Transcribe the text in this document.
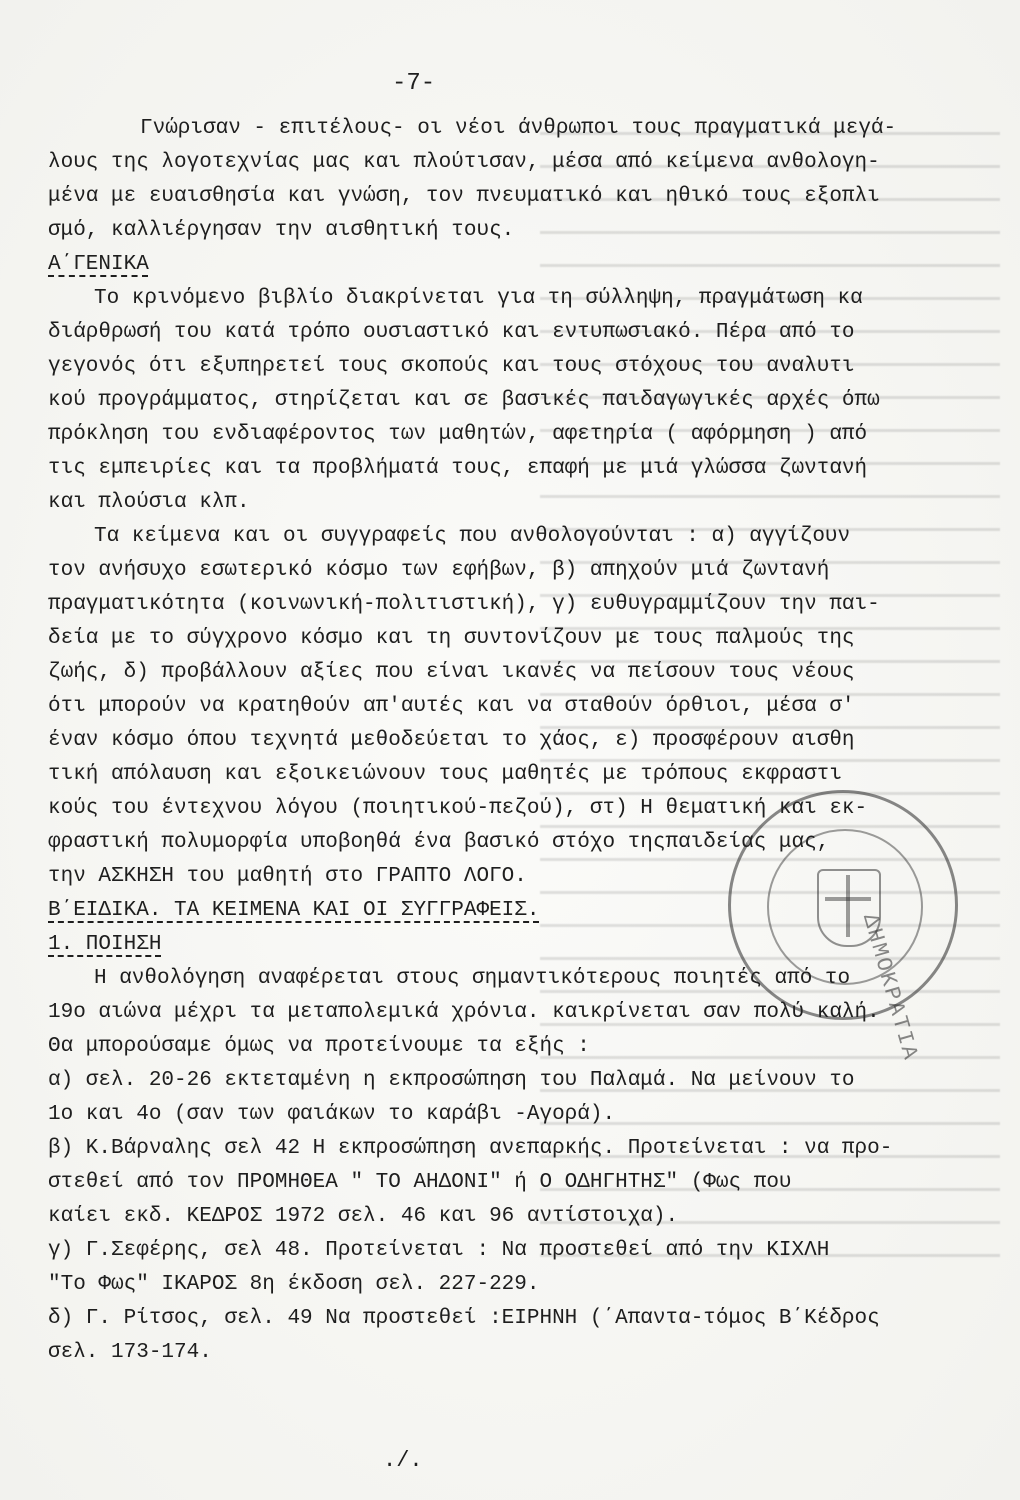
-7-
Γνώρισαν - επιτέλους- οι νέοι άνθρωποι τους πραγματικά μεγά-
λους της λογοτεχνίας μας και πλούτισαν, μέσα από κείμενα ανθολογη-
μένα με ευαισθησία και γνώση, τον πνευματικό και ηθικό τους εξοπλι
σμό, καλλιέργησαν την αισθητική τους.
Α΄ΓΕΝΙΚΑ
Το κρινόμενο βιβλίο διακρίνεται για τη σύλληψη, πραγμάτωση κα
διάρθρωσή του κατά τρόπο ουσιαστικό και εντυπωσιακό. Πέρα από το
γεγονός ότι εξυπηρετεί τους σκοπούς και τους στόχους του αναλυτι
κού προγράμματος, στηρίζεται και σε βασικές παιδαγωγικές αρχές όπω
πρόκληση του ενδιαφέροντος των μαθητών, αφετηρία ( αφόρμηση ) από
τις εμπειρίες και τα προβλήματά τους, επαφή με μιά γλώσσα ζωντανή
και πλούσια κλπ.
Τα κείμενα και οι συγγραφείς που ανθολογούνται : α) αγγίζουν
τον ανήσυχο εσωτερικό κόσμο των εφήβων, β) απηχούν μιά ζωντανή
πραγματικότητα (κοινωνική-πολιτιστική), γ) ευθυγραμμίζουν την παι-
δεία με το σύγχρονο κόσμο και τη συντονίζουν με τους παλμούς της
ζωής, δ) προβάλλουν αξίες που είναι ικανές να πείσουν τους νέους
ότι μπορούν να κρατηθούν απ'αυτές και να σταθούν όρθιοι, μέσα σ'
έναν κόσμο όπου τεχνητά μεθοδεύεται το χάος, ε) προσφέρουν αισθη
τική απόλαυση και εξοικειώνουν τους μαθητές με τρόπους εκφραστι
κούς του έντεχνου λόγου (ποιητικού-πεζού), στ) Η θεματική και εκ-
φραστική πολυμορφία υποβοηθά ένα βασικό στόχο τηςπαιδείας μας,
την ΑΣΚΗΣΗ του μαθητή στο ΓΡΑΠΤΟ ΛΟΓΟ.
Β΄ΕΙΔΙΚΑ. ΤΑ ΚΕΙΜΕΝΑ ΚΑΙ ΟΙ ΣΥΓΓΡΑΦΕΙΣ.
1. ΠΟΙΗΣΗ
Η ανθολόγηση αναφέρεται στους σημαντικότερους ποιητές από το
19ο αιώνα μέχρι τα μεταπολεμικά χρόνια. καικρίνεται σαν πολύ καλή.
Θα μπορούσαμε όμως να προτείνουμε τα εξής :
α) σελ. 20-26 εκτεταμένη η εκπροσώπηση του Παλαμά. Να μείνουν το
1ο και 4ο (σαν των φαιάκων το καράβι -Αγορά).
β) Κ.Βάρναλης σελ 42 Η εκπροσώπηση ανεπαρκής. Προτείνεται : να προ-
στεθεί από τον ΠΡΟΜΗΘΕΑ " ΤΟ ΑΗΔΟΝΙ" ή Ο ΟΔΗΓΗΤΗΣ" (Φως που
καίει εκδ. ΚΕΔΡΟΣ 1972 σελ. 46 και 96 αντίστοιχα).
γ) Γ.Σεφέρης, σελ 48. Προτείνεται : Να προστεθεί από την ΚΙΧΛΗ
"Το Φως" ΙΚΑΡΟΣ 8η έκδοση σελ. 227-229.
δ) Γ. Ρίτσος, σελ. 49 Να προστεθεί :ΕΙΡΗΝΗ (΄Απαντα-τόμος Β΄Κέδρος
σελ. 173-174.
ΔΗΜΟΚΡΑΤΙΑ
./.
